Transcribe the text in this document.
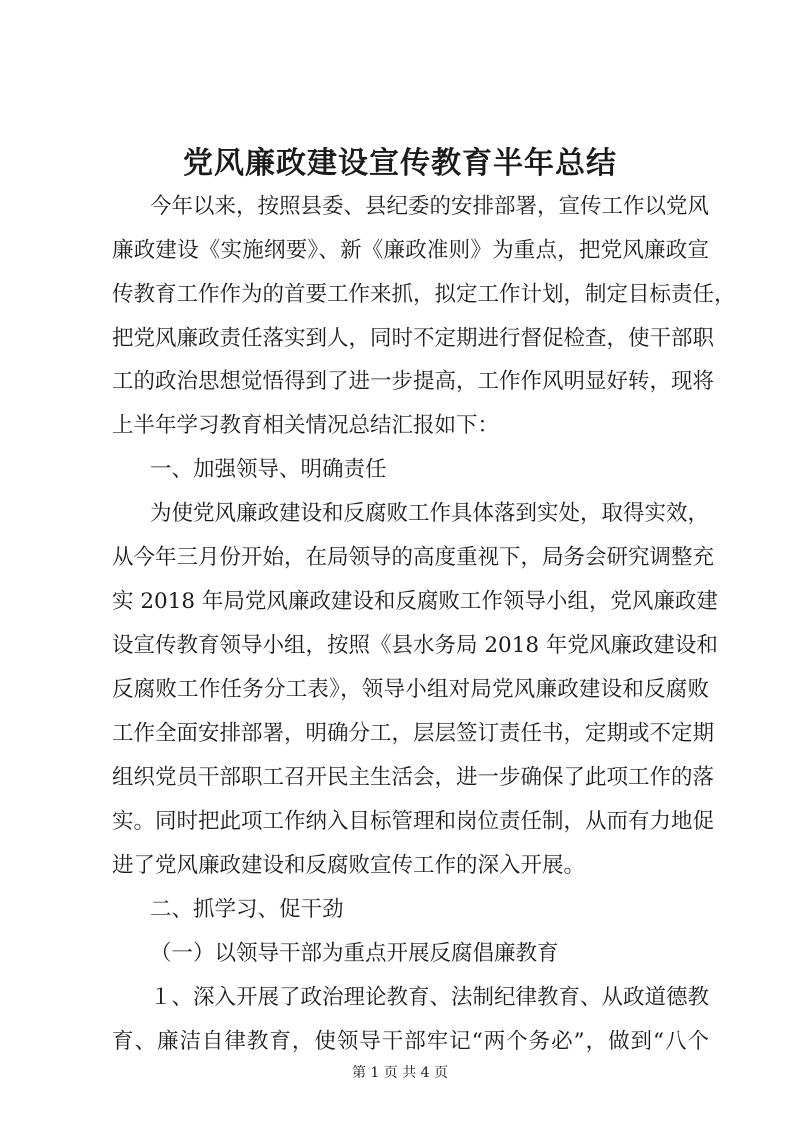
党风廉政建设宣传教育半年总结

今年以来，按照县委、县纪委的安排部署，宣传工作以党风

廉政建设《实施纲要》、新《廉政准则》为重点，把党风廉政宣

传教育工作作为的首要工作来抓，拟定工作计划，制定目标责任，

把党风廉政责任落实到人，同时不定期进行督促检查，使干部职

工的政治思想觉悟得到了进一步提高，工作作风明显好转，现将

上半年学习教育相关情况总结汇报如下：

一、加强领导、明确责任

为使党风廉政建设和反腐败工作具体落到实处，取得实效，

从今年三月份开始，在局领导的高度重视下，局务会研究调整充

实 2018 年局党风廉政建设和反腐败工作领导小组，党风廉政建

设宣传教育领导小组，按照《县水务局 2018 年党风廉政建设和

反腐败工作任务分工表》，领导小组对局党风廉政建设和反腐败

工作全面安排部署，明确分工，层层签订责任书，定期或不定期

组织党员干部职工召开民主生活会，进一步确保了此项工作的落

实。同时把此项工作纳入目标管理和岗位责任制，从而有力地促

进了党风廉政建设和反腐败宣传工作的深入开展。

二、抓学习、促干劲

（一）以领导干部为重点开展反腐倡廉教育

１、深入开展了政治理论教育、法制纪律教育、从政道德教

育、廉洁自律教育，使领导干部牢记“两个务必”，做到“八个

第 1 页 共 4 页
